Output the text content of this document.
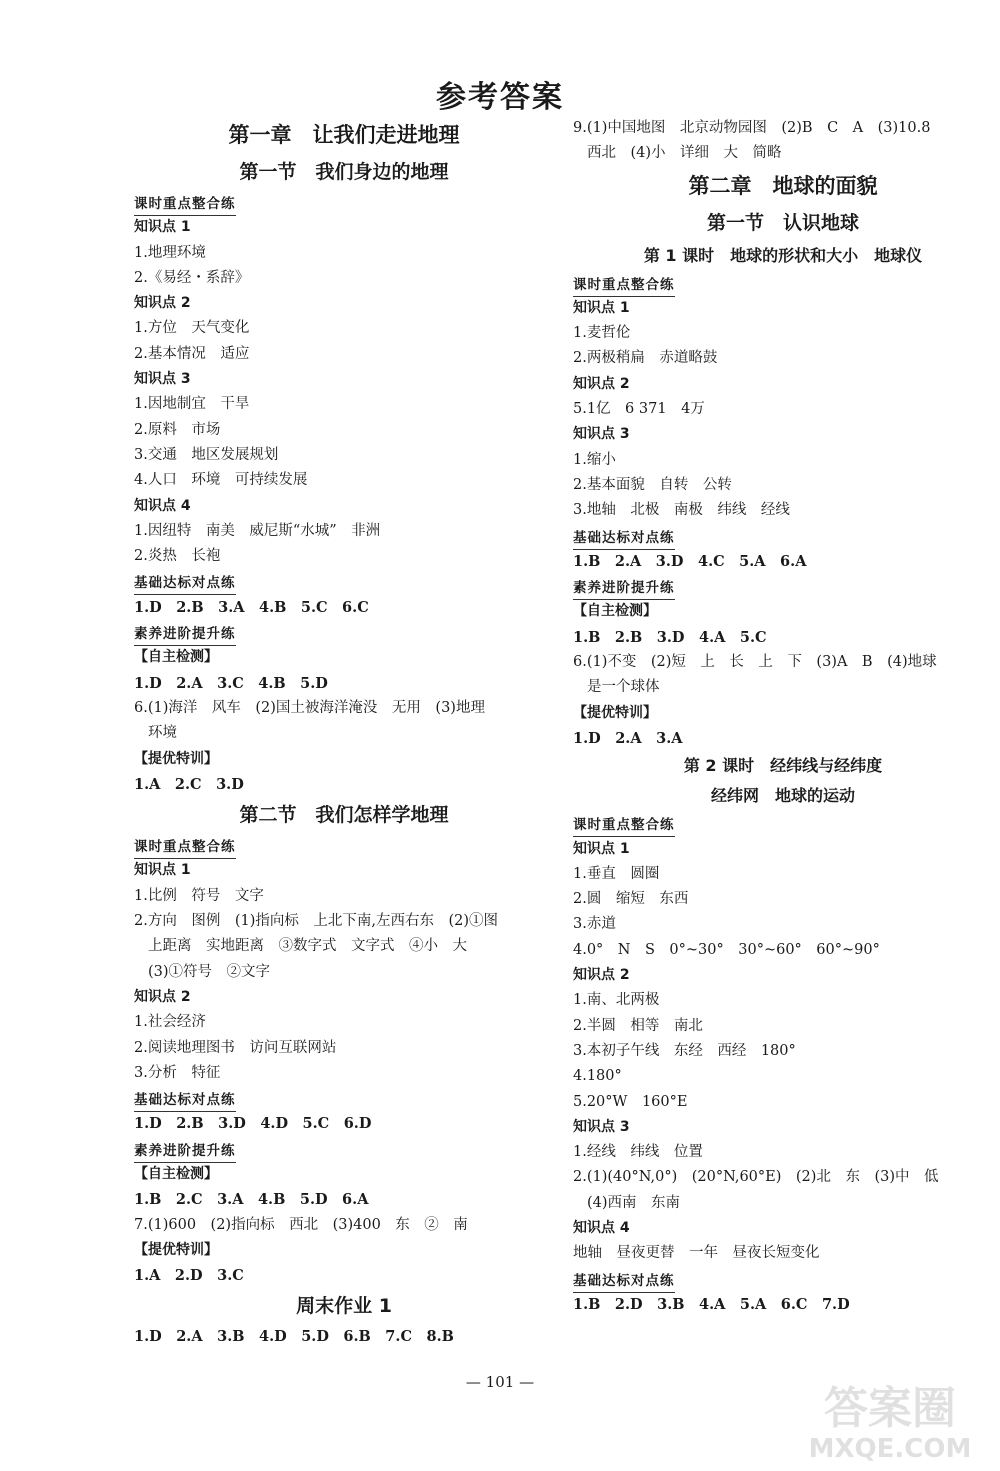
参考答案
第一章　让我们走进地理
第一节　我们身边的地理
课时重点整合练
知识点 1
1.地理环境
2.《易经・系辞》
知识点 2
1.方位　天气变化
2.基本情况　适应
知识点 3
1.因地制宜　干旱
2.原料　市场
3.交通　地区发展规划
4.人口　环境　可持续发展
知识点 4
1.因纽特　南美　威尼斯“水城”　非洲
2.炎热　长袍
基础达标对点练
1.D　2.B　3.A　4.B　5.C　6.C
素养进阶提升练
【自主检测】
1.D　2.A　3.C　4.B　5.D
6.(1)海洋　风车　(2)国土被海洋淹没　无用　(3)地理
环境
【提优特训】
1.A　2.C　3.D
第二节　我们怎样学地理
课时重点整合练
知识点 1
1.比例　符号　文字
2.方向　图例　(1)指向标　上北下南,左西右东　(2)①图
上距离　实地距离　③数字式　文字式　④小　大
(3)①符号　②文字
知识点 2
1.社会经济
2.阅读地理图书　访问互联网站
3.分析　特征
基础达标对点练
1.D　2.B　3.D　4.D　5.C　6.D
素养进阶提升练
【自主检测】
1.B　2.C　3.A　4.B　5.D　6.A
7.(1)600　(2)指向标　西北　(3)400　东　②　南
【提优特训】
1.A　2.D　3.C
周末作业 1
1.D　2.A　3.B　4.D　5.D　6.B　7.C　8.B
9.(1)中国地图　北京动物园图　(2)B　C　A　(3)10.8
西北　(4)小　详细　大　简略
第二章　地球的面貌
第一节　认识地球
第 1 课时　地球的形状和大小　地球仪
课时重点整合练
知识点 1
1.麦哲伦
2.两极稍扁　赤道略鼓
知识点 2
5.1亿　6 371　4万
知识点 3
1.缩小
2.基本面貌　自转　公转
3.地轴　北极　南极　纬线　经线
基础达标对点练
1.B　2.A　3.D　4.C　5.A　6.A
素养进阶提升练
【自主检测】
1.B　2.B　3.D　4.A　5.C
6.(1)不变　(2)短　上　长　上　下　(3)A　B　(4)地球
是一个球体
【提优特训】
1.D　2.A　3.A
第 2 课时　经纬线与经纬度
经纬网　地球的运动
课时重点整合练
知识点 1
1.垂直　圆圈
2.圆　缩短　东西
3.赤道
4.0°　N　S　0°~30°　30°~60°　60°~90°
知识点 2
1.南、北两极
2.半圆　相等　南北
3.本初子午线　东经　西经　180°
4.180°
5.20°W　160°E
知识点 3
1.经线　纬线　位置
2.(1)(40°N,0°)　(20°N,60°E)　(2)北　东　(3)中　低
(4)西南　东南
知识点 4
地轴　昼夜更替　一年　昼夜长短变化
基础达标对点练
1.B　2.D　3.B　4.A　5.A　6.C　7.D
— 101 —
答案圈
MXQE.COM
